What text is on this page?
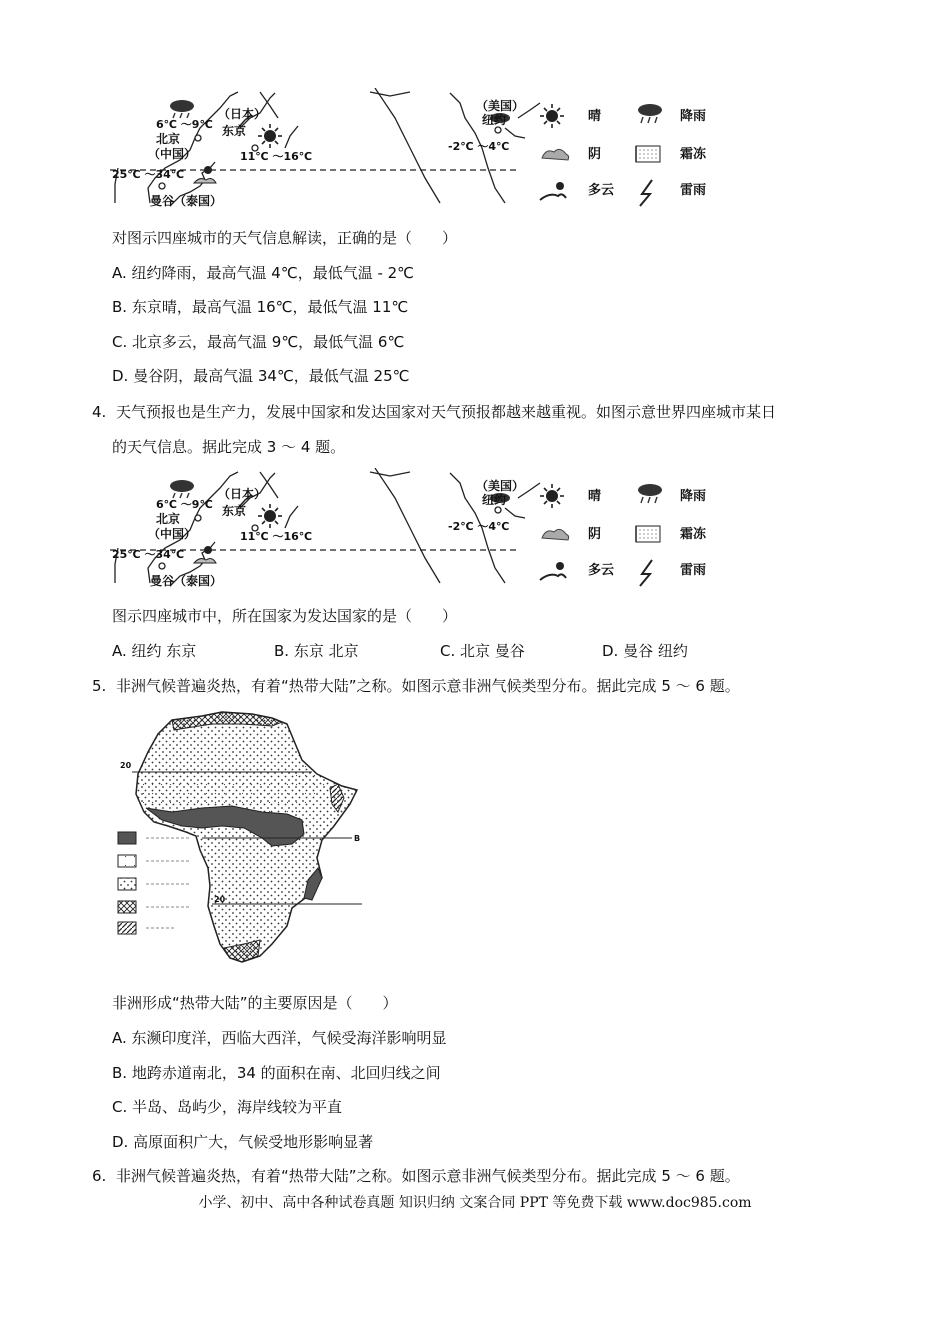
6℃ ～9℃
北京
（中国）
（日本）
东京
11℃ ～16℃
25℃ ～34℃
曼谷（泰国）
（美国）
纽约
-2℃ ～4℃
晴	降雨
阴	霜冻
多云	雷雨
对图示四座城市的天气信息解读，正确的是（　　）
A. 纽约降雨，最高气温 4℃，最低气温 - 2℃
B. 东京晴，最高气温 16℃，最低气温 11℃
C. 北京多云，最高气温 9℃，最低气温 6℃
D. 曼谷阴，最高气温 34℃，最低气温 25℃
4. 天气预报也是生产力，发展中国家和发达国家对天气预报都越来越重视。如图示意世界四座城市某日
的天气信息。据此完成 3 ～ 4 题。
6℃ ～9℃
北京
（中国）
（日本）
东京
11℃ ～16℃
25℃ ～34℃
曼谷（泰国）
（美国）
纽约
-2℃ ～4℃
晴	降雨
阴	霜冻
多云	雷雨
图示四座城市中，所在国家为发达国家的是（　　）
A. 纽约 东京	B. 东京 北京	C. 北京 曼谷	D. 曼谷 纽约
5. 非洲气候普遍炎热，有着“热带大陆”之称。如图示意非洲气候类型分布。据此完成 5 ～ 6 题。
20
20
B
非洲形成“热带大陆”的主要原因是（　　）
A. 东濒印度洋，西临大西洋，气候受海洋影响明显
B. 地跨赤道南北，34 的面积在南、北回归线之间
C. 半岛、岛屿少，海岸线较为平直
D. 高原面积广大，气候受地形影响显著
6. 非洲气候普遍炎热，有着“热带大陆”之称。如图示意非洲气候类型分布。据此完成 5 ～ 6 题。
小学、初中、高中各种试卷真题 知识归纳 文案合同 PPT 等免费下载 www.doc985.com
